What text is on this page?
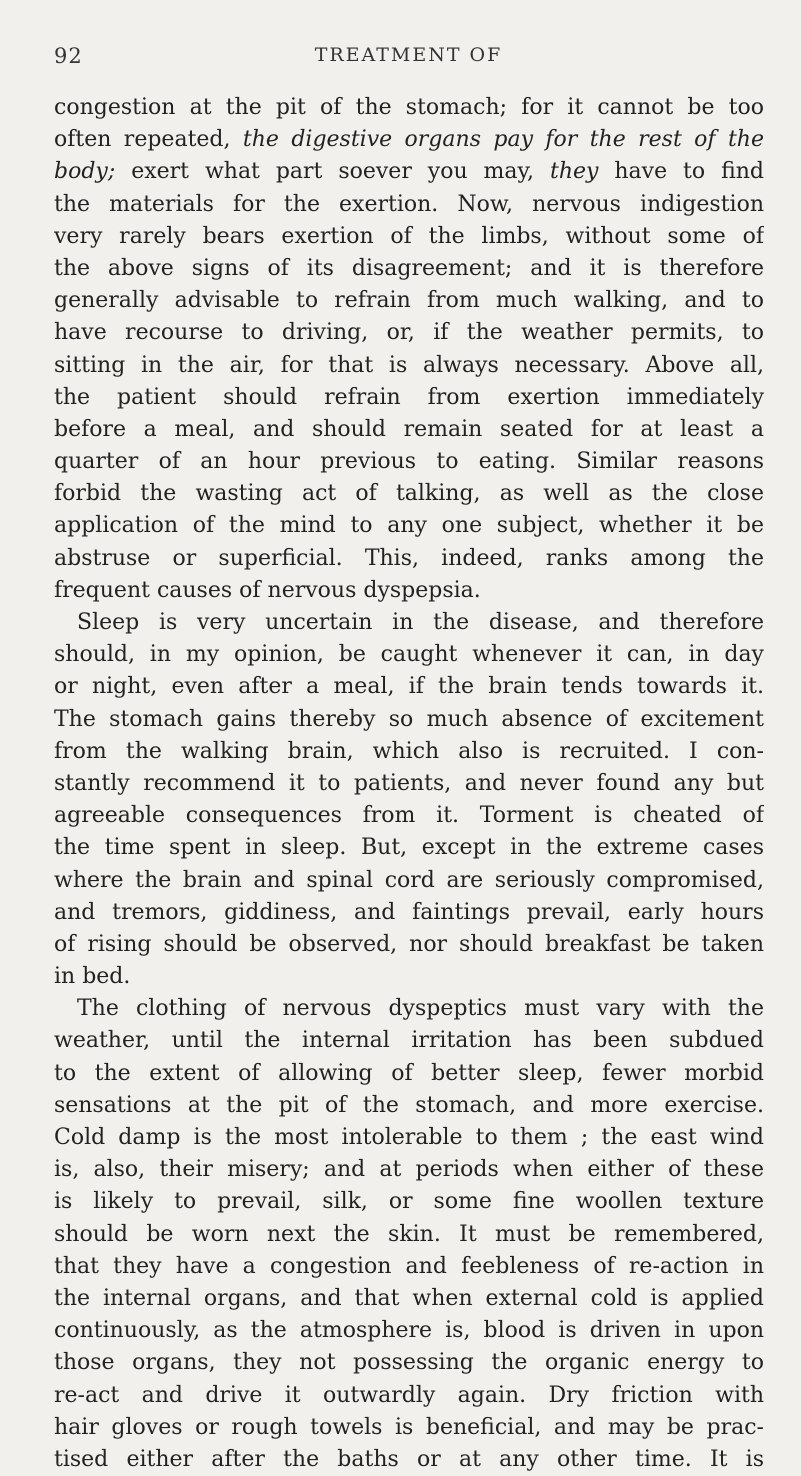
92	TREATMENT OF
congestion at the pit of the stomach; for it cannot be too
often repeated, the digestive organs pay for the rest of the
body; exert what part soever you may, they have to find
the materials for the exertion. Now, nervous indigestion
very rarely bears exertion of the limbs, without some of
the above signs of its disagreement; and it is therefore
generally advisable to refrain from much walking, and to
have recourse to driving, or, if the weather permits, to
sitting in the air, for that is always necessary. Above all,
the patient should refrain from exertion immediately
before a meal, and should remain seated for at least a
quarter of an hour previous to eating. Similar reasons
forbid the wasting act of talking, as well as the close
application of the mind to any one subject, whether it be
abstruse or superficial. This, indeed, ranks among the
frequent causes of nervous dyspepsia.
Sleep is very uncertain in the disease, and therefore
should, in my opinion, be caught whenever it can, in day
or night, even after a meal, if the brain tends towards it.
The stomach gains thereby so much absence of excitement
from the walking brain, which also is recruited. I con-
stantly recommend it to patients, and never found any but
agreeable consequences from it. Torment is cheated of
the time spent in sleep. But, except in the extreme cases
where the brain and spinal cord are seriously compromised,
and tremors, giddiness, and faintings prevail, early hours
of rising should be observed, nor should breakfast be taken
in bed.
The clothing of nervous dyspeptics must vary with the
weather, until the internal irritation has been subdued
to the extent of allowing of better sleep, fewer morbid
sensations at the pit of the stomach, and more exercise.
Cold damp is the most intolerable to them ; the east wind
is, also, their misery; and at periods when either of these
is likely to prevail, silk, or some fine woollen texture
should be worn next the skin. It must be remembered,
that they have a congestion and feebleness of re-action in
the internal organs, and that when external cold is applied
continuously, as the atmosphere is, blood is driven in upon
those organs, they not possessing the organic energy to
re-act and drive it outwardly again. Dry friction with
hair gloves or rough towels is beneficial, and may be prac-
tised either after the baths or at any other time. It is
